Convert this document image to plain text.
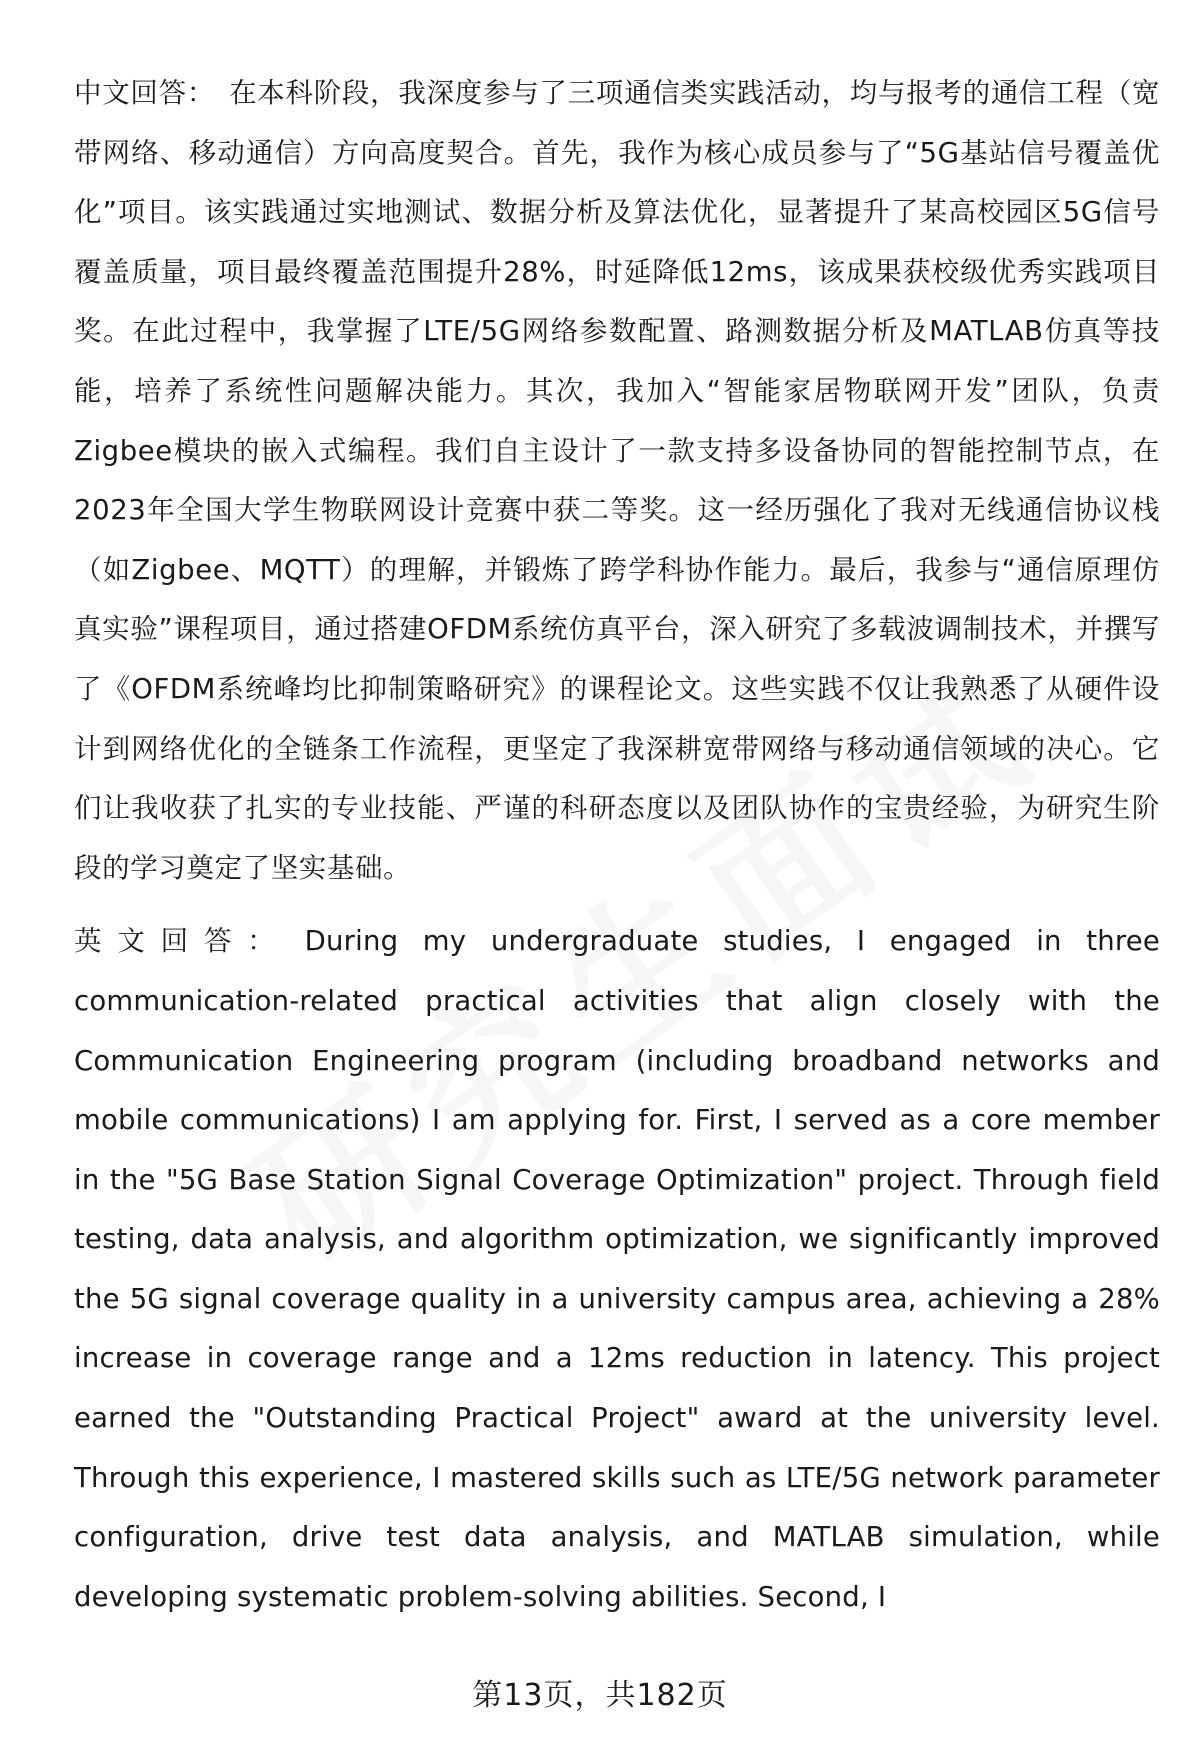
中文回答： 在本科阶段，我深度参与了三项通信类实践活动，均与报考的通信工程（宽带网络、移动通信）方向高度契合。首先，我作为核心成员参与了“5G基站信号覆盖优化”项目。该实践通过实地测试、数据分析及算法优化，显著提升了某高校园区5G信号覆盖质量，项目最终覆盖范围提升28%，时延降低12ms，该成果获校级优秀实践项目奖。在此过程中，我掌握了LTE/5G网络参数配置、路测数据分析及MATLAB仿真等技能，培养了系统性问题解决能力。其次，我加入“智能家居物联网开发”团队，负责Zigbee模块的嵌入式编程。我们自主设计了一款支持多设备协同的智能控制节点，在2023年全国大学生物联网设计竞赛中获二等奖。这一经历强化了我对无线通信协议栈（如Zigbee、MQTT）的理解，并锻炼了跨学科协作能力。最后，我参与“通信原理仿真实验”课程项目，通过搭建OFDM系统仿真平台，深入研究了多载波调制技术，并撰写了《OFDM系统峰均比抑制策略研究》的课程论文。这些实践不仅让我熟悉了从硬件设计到网络优化的全链条工作流程，更坚定了我深耕宽带网络与移动通信领域的决心。它们让我收获了扎实的专业技能、严谨的科研态度以及团队协作的宝贵经验，为研究生阶段的学习奠定了坚实基础。

英文回答： During my undergraduate studies, I engaged in three communication-related practical activities that align closely with the Communication Engineering program (including broadband networks and mobile communications) I am applying for. First, I served as a core member in the "5G Base Station Signal Coverage Optimization" project. Through field testing, data analysis, and algorithm optimization, we significantly improved the 5G signal coverage quality in a university campus area, achieving a 28% increase in coverage range and a 12ms reduction in latency. This project earned the "Outstanding Practical Project" award at the university level. Through this experience, I mastered skills such as LTE/5G network parameter configuration, drive test data analysis, and MATLAB simulation, while developing systematic problem-solving abilities. Second, I

第13页，共182页
